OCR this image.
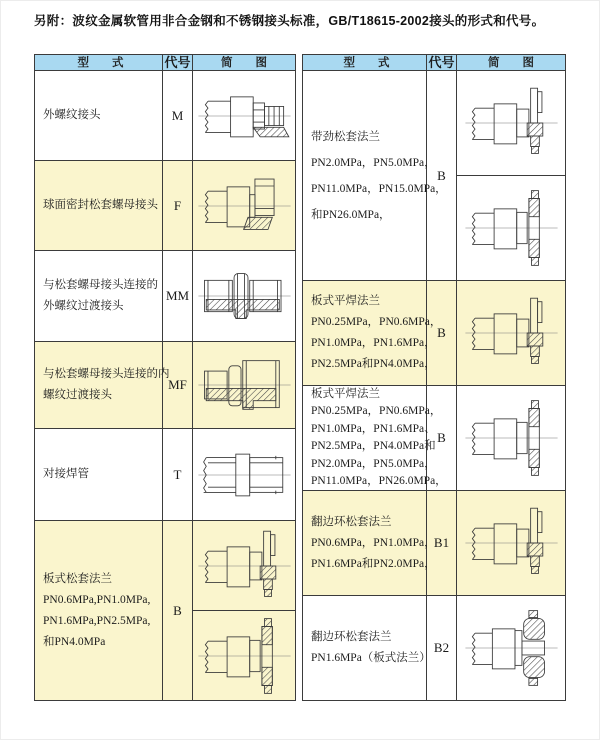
另附：波纹金属软管用非合金钢和不锈钢接头标准，GB/T18615-2002接头的形式和代号。
型　　式	代号	简　　图
外螺纹接头	M
球面密封松套螺母接头	F
与松套螺母接头连接的
外螺纹过渡接头
MM
与松套螺母接头连接的内
螺纹过渡接头
MF
对接焊管	T
板式松套法兰
PN0.6MPa,PN1.0MPa,
PN1.6MPa,PN2.5MPa,
和PN4.0MPa
B
型　　式	代号	简　　图
带劲松套法兰
PN2.0MPa，PN5.0MPa，
PN11.0MPa，PN15.0MPa，
和PN26.0MPa，
B
板式平焊法兰
PN0.25MPa，PN0.6MPa，
PN1.0MPa，PN1.6MPa，
PN2.5MPa和PN4.0MPa，
B
板式平焊法兰
PN0.25MPa，PN0.6MPa，
PN1.0MPa，PN1.6MPa、
PN2.5MPa，PN4.0MPa和
PN2.0MPa，PN5.0MPa，
PN11.0MPa，PN26.0MPa，
B
翻边环松套法兰
PN0.6MPa，PN1.0MPa，
PN1.6MPa和PN2.0MPa，
B1
翻边环松套法兰
PN1.6MPa（板式法兰）
B2
